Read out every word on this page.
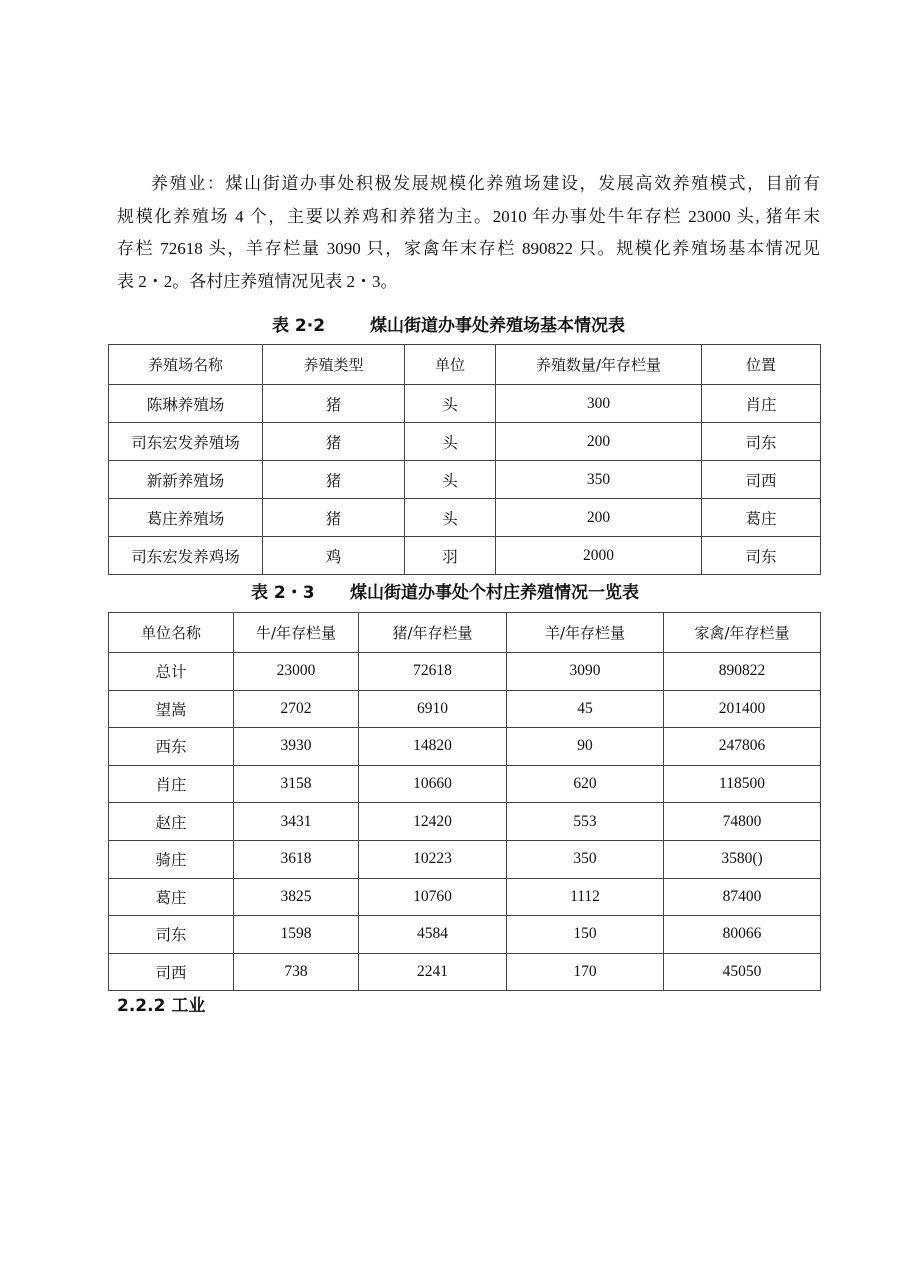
养殖业：煤山街道办事处积极发展规模化养殖场建设，发展高效养殖模式，目前有
规模化养殖场 4 个，主要以养鸡和养猪为主。2010 年办事处牛年存栏 23000 头, 猪年末
存栏 72618 头，羊存栏量 3090 只，家禽年末存栏 890822 只。规模化养殖场基本情况见
表 2・2。各村庄养殖情况见表 2・3。

表 2·2	煤山街道办事处养殖场基本情况表
养殖场名称	养殖类型	单位	养殖数量/年存栏量	位置
陈琳养殖场	猪	头	300	肖庄
司东宏发养殖场	猪	头	200	司东
新新养殖场	猪	头	350	司西
葛庄养殖场	猪	头	200	葛庄
司东宏发养鸡场	鸡	羽	2000	司东
表 2・3 煤山街道办事处个村庄养殖情况一览表
单位名称	牛/年存栏量	猪/年存栏量	羊/年存栏量	家禽/年存栏量
总计	23000	72618	3090	890822
望嵩	2702	6910	45	201400
西东	3930	14820	90	247806
肖庄	3158	10660	620	118500
赵庄	3431	12420	553	74800
骑庄	3618	10223	350	3580()
葛庄	3825	10760	1112	87400
司东	1598	4584	150	80066
司西	738	2241	170	45050
2.2.2 工业
